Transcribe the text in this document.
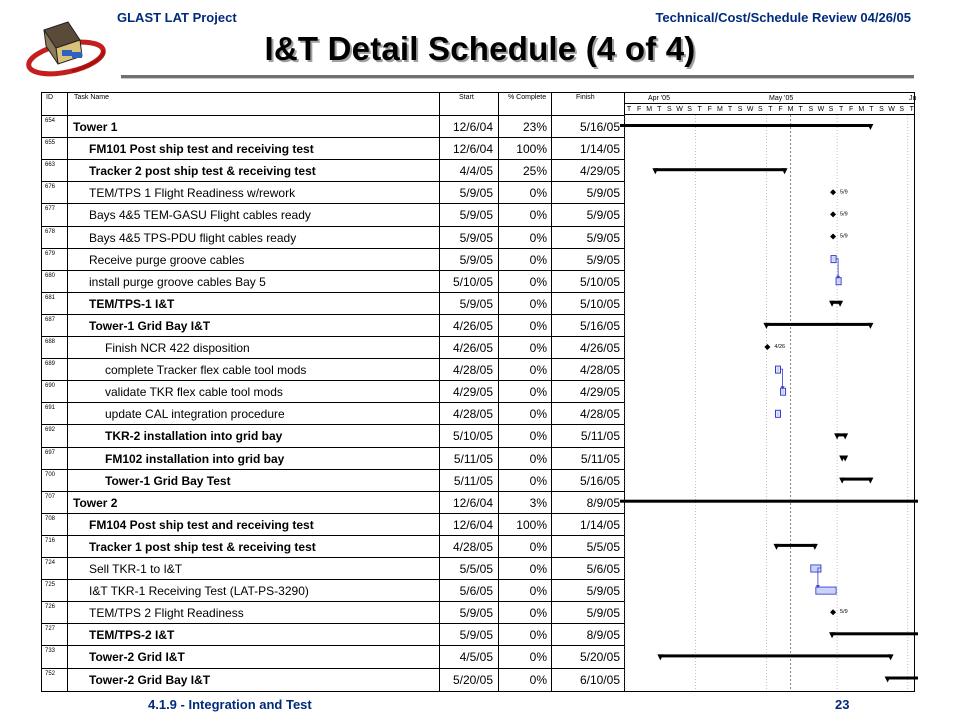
GLAST LAT Project	Technical/Cost/Schedule Review 04/26/05
I&T Detail Schedule (4 of 4)
ID	Task Name	Start	% Complete	Finish	Apr '05	May '05	Ju
T F M T S W S T F M T S W S T F M T S W S T F M T S W S T
654 Tower 1	12/6/04	23%	5/16/05
655	FM101 Post ship test and receiving test	12/6/04	100%	1/14/05
663	Tracker 2 post ship test & receiving test	4/4/05	25%	4/29/05
676	TEM/TPS 1 Flight Readiness w/rework	5/9/05	0%	5/9/05
677	Bays 4&5 TEM-GASU Flight cables ready	5/9/05	0%	5/9/05
678	Bays 4&5 TPS-PDU flight cables ready	5/9/05	0%	5/9/05
679	Receive purge groove cables	5/9/05	0%	5/9/05
680	install purge groove cables Bay 5	5/10/05	0%	5/10/05
681	TEM/TPS-1 I&T	5/9/05	0%	5/10/05
687	Tower-1 Grid Bay I&T	4/26/05	0%	5/16/05
688	Finish NCR 422 disposition	4/26/05	0%	4/26/05
689	complete Tracker flex cable tool mods	4/28/05	0%	4/28/05
690	validate TKR flex cable tool mods	4/29/05	0%	4/29/05
691	update CAL integration procedure	4/28/05	0%	4/28/05
692	TKR-2 installation into grid bay	5/10/05	0%	5/11/05
697	FM102 installation into grid bay	5/11/05	0%	5/11/05
700	Tower-1 Grid Bay Test	5/11/05	0%	5/16/05
707 Tower 2	12/6/04	3%	8/9/05
708	FM104 Post ship test and receiving test	12/6/04	100%	1/14/05
716	Tracker 1 post ship test & receiving test	4/28/05	0%	5/5/05
724	Sell TKR-1 to I&T	5/5/05	0%	5/6/05
725	I&T TKR-1 Receiving Test (LAT-PS-3290)	5/6/05	0%	5/9/05
726	TEM/TPS 2 Flight Readiness	5/9/05	0%	5/9/05
727	TEM/TPS-2 I&T	5/9/05	0%	8/9/05
733	Tower-2 Grid I&T	4/5/05	0%	5/20/05
752	Tower-2 Grid Bay I&T	5/20/05	0%	6/10/05
5/9
5/9
5/9
4/26
5/9
4.1.9 - Integration and Test	23
